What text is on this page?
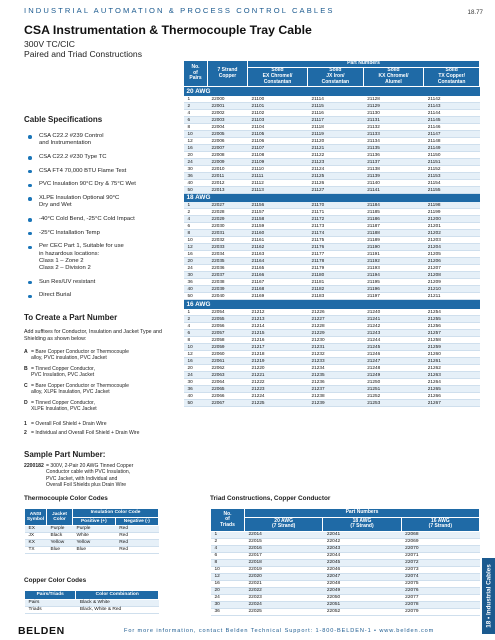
INDUSTRIAL AUTOMATION & PROCESS CONTROL CABLES	18.77
CSA Instrumentation & Thermocouple Tray Cable
300V TC/CIC
Paired and Triad Constructions
Cable Specifications
CSA C22.2 #239 Control
and Instrumentation
CSA C22.2 #230 Type TC
CSA FT4 70,000 BTU Flame Test
PVC Insulation 90°C Dry & 75°C Wet
XLPE Insulation Optional 90°C
Dry and Wet
-40°C Cold Bend, -25°C Cold Impact
-25°C Installation Temp
Per CEC Part 1, Suitable for use
in hazardous locations:
Class 1 – Zone 2
Class 2 – Division 2
Sun Res/UV resistant
Direct Burial
To Create a Part Number
Add suffixes for Conductor, Insulation and Jacket Type and Shielding as shown below:
A = Bare Copper Conductor or Thermocouple
alloy, PVC insulation, PVC Jacket
B = Tinned Copper Conductor,
PVC Insulation, PVC Jacket
C = Bare Copper Conductor or Thermocouple
alloy, XLPE Insulation, PVC Jacket
D = Tinned Copper Conductor,
XLPE Insulation, PVC Jacket
1 = Overall Foil Shield + Drain Wire
2 = Individual and Overall Foil Shield + Drain Wire
Sample Part Number:
2200182 = 300V, 2-Pair 20 AWG Tinned Copper
Conductor cable with PVC Insulation,
PVC Jacket, with Individual and
Overall Foil Shields plus Drain Wire
No.
of
Pairs	7 Strand
Copper	Part Numbers			
		Solid
EX Chromel/
Constantan	Solid
JX Iron/
Constantan	Solid
KX Chromel/
Alumel	Solid
TX Copper/
Constantan
20 AWG					
1	22000	21100	21114	21128	21142
2	22001	21101	21115	21129	21143
4	22002	21102	21116	21130	21144
6	22003	21103	21117	21131	21145
8	22004	21104	21118	21132	21146
10	22005	21105	21119	21133	21147
12	22006	21106	21120	21134	21148
16	22007	21107	21121	21135	21149
20	22008	21108	21122	21136	21150
24	22009	21109	21123	21137	21151
30	22010	21110	21124	21138	21152
36	22011	21111	21125	21139	21153
40	22012	21112	21126	21140	21154
50	22013	21113	21127	21141	21155
18 AWG					
1	22027	21156	21170	21184	21198
2	22028	21157	21171	21185	21199
4	22029	21158	21172	21186	21200
6	22030	21159	21173	21187	21201
8	22031	21160	21174	21188	21202
10	22032	21161	21175	21189	21203
12	22033	21162	21176	21190	21204
16	22034	21163	21177	21191	21205
20	22035	21164	21178	21192	21206
24	22036	21165	21179	21193	21207
30	22037	21166	21180	21194	21208
36	22038	21167	21181	21195	21209
40	22039	21168	21182	21196	21210
50	22040	21169	21183	21197	21211
16 AWG					
1	22054	21212	21226	21240	21254
2	22055	21213	21227	21241	21255
4	22056	21214	21228	21242	21256
6	22057	21215	21229	21243	21257
8	22058	21216	21230	21244	21258
10	22059	21217	21231	21245	21259
12	22060	21218	21232	21246	21260
16	22061	21219	21233	21247	21261
20	22062	21220	21234	21248	21262
24	22063	21221	21235	21249	21263
30	22064	21222	21236	21250	21264
36	22065	21223	21237	21251	21265
40	22066	21224	21238	21252	21266
50	22067	21225	21239	21253	21267
Thermocouple Color Codes
ANSI
Symbol	Jacket
Color	Insulation Color Code	
		Positive (+)	Negative (-)
EX	Purple	Purple	Red
JX	Black	White	Red
KX	Yellow	Yellow	Red
TX	Blue	Blue	Red
Copper Color Codes
Pairs/Triads	Color Combination
Pairs	Black & White
Triads	Black, White & Red
Triad Constructions, Copper Conductor
No.
of
Triads	Part Numbers		
	20 AWG
(7 Strand)	18 AWG
(7 Strand)	16 AWG
(7 Strand)
1	22014	22041	22068
2	22015	22042	22069
4	22016	22043	22070
6	22017	22044	22071
8	22018	22045	22072
10	22019	22046	22073
12	22020	22047	22074
16	22021	22048	22075
20	22022	22049	22076
24	22023	22050	22077
30	22024	22051	22078
36	22025	22052	22079	18 • Industrial Cables
BELDEN	For more information, contact Belden Technical Support: 1-800-BELDEN-1 • www.belden.com
